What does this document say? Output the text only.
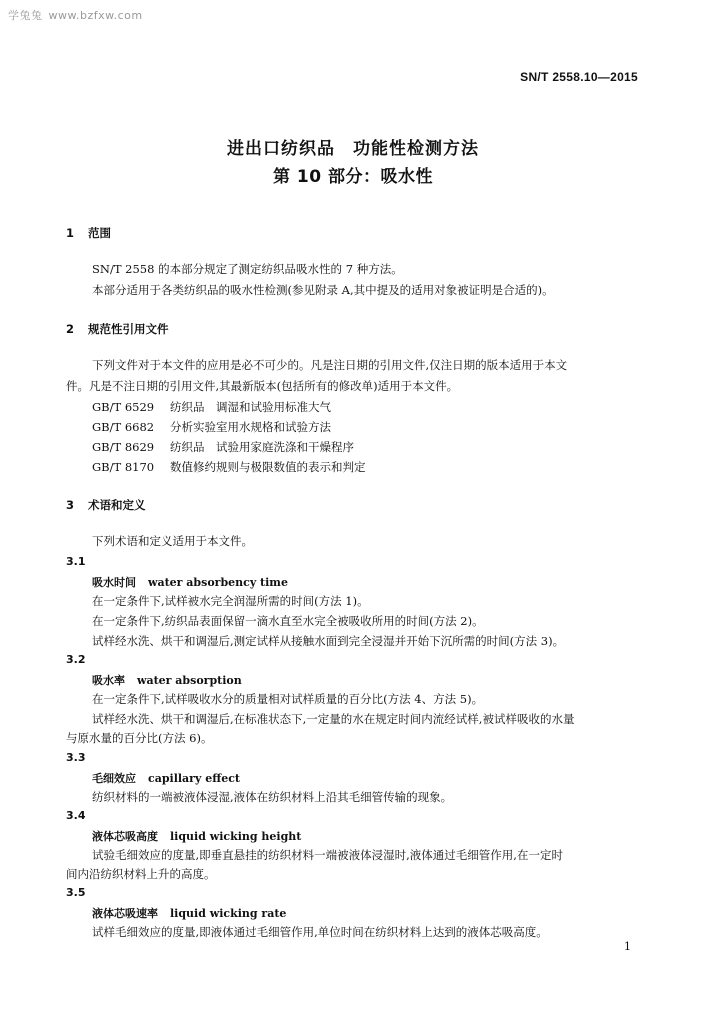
学兔兔 www.bzfxw.com
SN/T 2558.10—2015
进出口纺织品　功能性检测方法
第 10 部分：吸水性
1 范围
SN/T 2558 的本部分规定了测定纺织品吸水性的 7 种方法。
本部分适用于各类纺织品的吸水性检测(参见附录 A,其中提及的适用对象被证明是合适的)。
2 规范性引用文件
下列文件对于本文件的应用是必不可少的。凡是注日期的引用文件,仅注日期的版本适用于本文
件。凡是不注日期的引用文件,其最新版本(包括所有的修改单)适用于本文件。
GB/T 6529 纺织品　调湿和试验用标准大气
GB/T 6682 分析实验室用水规格和试验方法
GB/T 8629 纺织品　试验用家庭洗涤和干燥程序
GB/T 8170 数值修约规则与极限数值的表示和判定
3 术语和定义
下列术语和定义适用于本文件。
3.1
吸水时间 water absorbency time
在一定条件下,试样被水完全润湿所需的时间(方法 1)。
在一定条件下,纺织品表面保留一滴水直至水完全被吸收所用的时间(方法 2)。
试样经水洗、烘干和调湿后,测定试样从接触水面到完全浸湿并开始下沉所需的时间(方法 3)。
3.2
吸水率 water absorption
在一定条件下,试样吸收水分的质量相对试样质量的百分比(方法 4、方法 5)。
试样经水洗、烘干和调湿后,在标准状态下,一定量的水在规定时间内流经试样,被试样吸收的水量
与原水量的百分比(方法 6)。
3.3
毛细效应 capillary effect
纺织材料的一端被液体浸湿,液体在纺织材料上沿其毛细管传输的现象。
3.4
液体芯吸高度 liquid wicking height
试验毛细效应的度量,即垂直悬挂的纺织材料一端被液体浸湿时,液体通过毛细管作用,在一定时
间内沿纺织材料上升的高度。
3.5
液体芯吸速率 liquid wicking rate
试样毛细效应的度量,即液体通过毛细管作用,单位时间在纺织材料上达到的液体芯吸高度。
1
